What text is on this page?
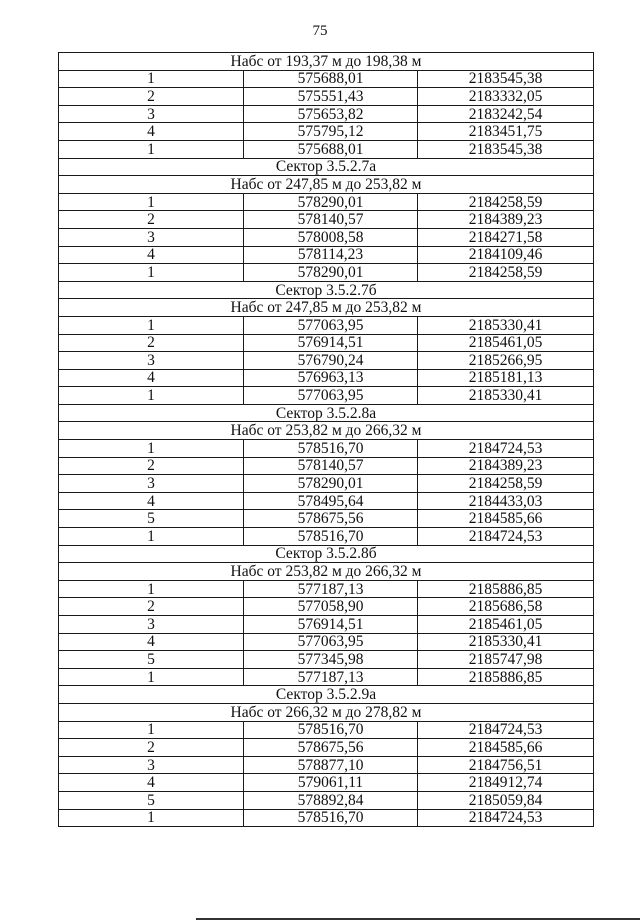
75
Набс от 193,37 м до 198,38 м		
1	575688,01	2183545,38
2	575551,43	2183332,05
3	575653,82	2183242,54
4	575795,12	2183451,75
1	575688,01	2183545,38
Сектор 3.5.2.7а		
Набс от 247,85 м до 253,82 м		
1	578290,01	2184258,59
2	578140,57	2184389,23
3	578008,58	2184271,58
4	578114,23	2184109,46
1	578290,01	2184258,59
Сектор 3.5.2.7б		
Набс от 247,85 м до 253,82 м		
1	577063,95	2185330,41
2	576914,51	2185461,05
3	576790,24	2185266,95
4	576963,13	2185181,13
1	577063,95	2185330,41
Сектор 3.5.2.8а		
Набс от 253,82 м до 266,32 м		
1	578516,70	2184724,53
2	578140,57	2184389,23
3	578290,01	2184258,59
4	578495,64	2184433,03
5	578675,56	2184585,66
1	578516,70	2184724,53
Сектор 3.5.2.8б		
Набс от 253,82 м до 266,32 м		
1	577187,13	2185886,85
2	577058,90	2185686,58
3	576914,51	2185461,05
4	577063,95	2185330,41
5	577345,98	2185747,98
1	577187,13	2185886,85
Сектор 3.5.2.9а		
Набс от 266,32 м до 278,82 м		
1	578516,70	2184724,53
2	578675,56	2184585,66
3	578877,10	2184756,51
4	579061,11	2184912,74
5	578892,84	2185059,84
1	578516,70	2184724,53
